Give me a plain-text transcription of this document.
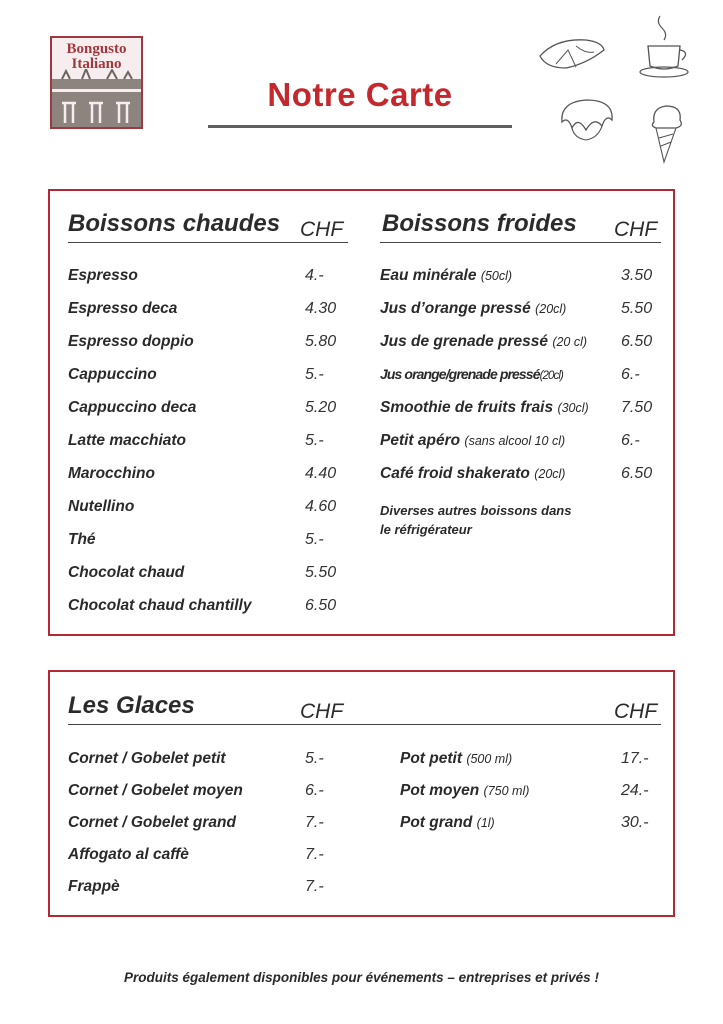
Bongusto
Italiano
Notre Carte
Boissons chaudes CHF Boissons froides CHF
Espresso	4.-
Espresso deca	4.30
Espresso doppio	5.80
Cappuccino	5.-
Cappuccino deca	5.20
Latte macchiato	5.-
Marocchino	4.40
Nutellino	4.60
Thé	5.-
Chocolat chaud	5.50
Chocolat chaud chantilly	6.50
Eau minérale (50cl)	3.50
Jus d’orange pressé (20cl)	5.50
Jus de grenade pressé (20 cl) 6.50
Jus orange/grenade pressé(20cl)	6.-
Smoothie de fruits frais (30cl) 7.50
Petit apéro (sans alcool 10 cl)	6.-
Café froid shakerato (20cl)	6.50
Diverses autres boissons dans
le réfrigérateur
Les Glaces	CHF	CHF
Cornet / Gobelet petit	5.-
Cornet / Gobelet moyen	6.-
Cornet / Gobelet grand	7.-
Affogato al caffè	7.-
Frappè	7.-
Pot petit (500 ml)	17.-
Pot moyen (750 ml)	24.-
Pot grand (1l)	30.-
Produits également disponibles pour événements – entreprises et privés !
